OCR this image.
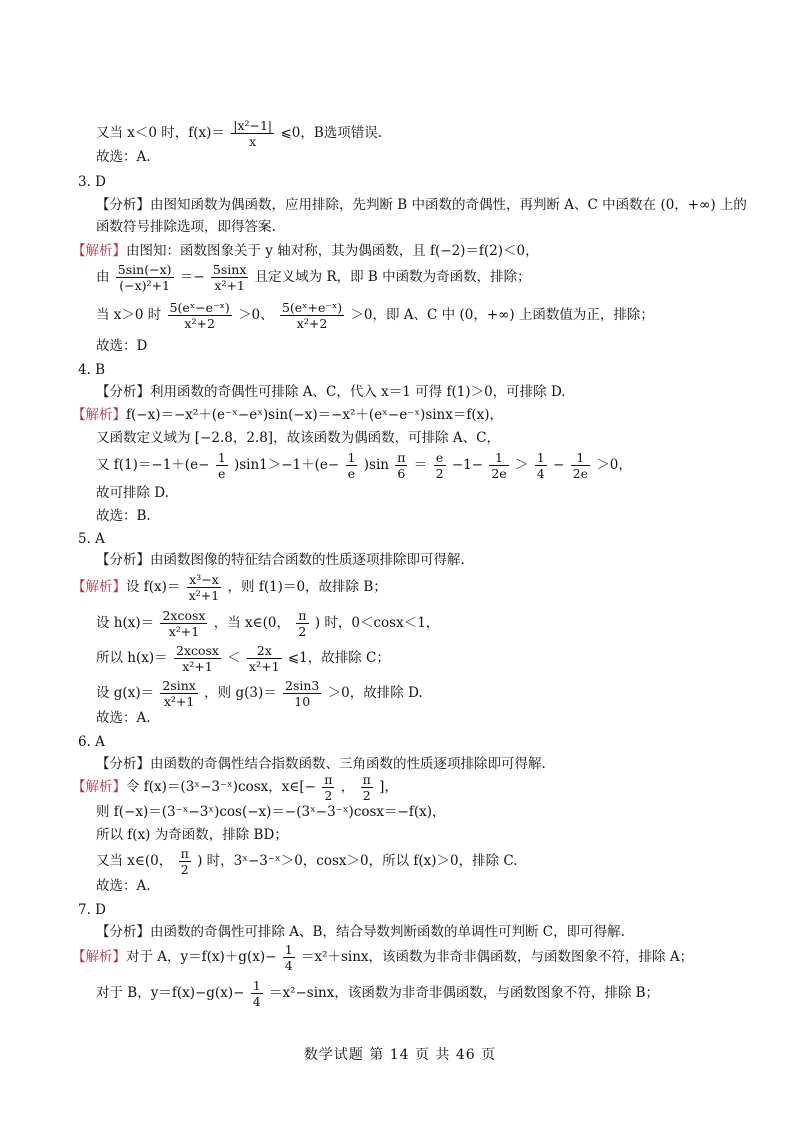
又当 x＜0 时，$f(x)= \frac{\text{|x²−1|}}{x}$ ⩽0，B选项错误.
故选：A.
3. D
【分析】由图知函数为偶函数，应用排除，先判断 B 中函数的奇偶性，再判断 A、C 中函数在 (0，+∞) 上的
函数符号排除选项，即得答案.
【解析】由图知：函数图象关于 y 轴对称，其为偶函数，且 f(−2)＝f(2)＜0，
由 $\frac{5\sin(-x)}{\text{(−x)²+1}} =- \frac{5\sin x}{\text{x²+1}}$ 且定义域为 R，即 B 中函数为奇函数，排除；
当 x＞0 时 $\frac{\text{5(eˣ−e⁻ˣ)}}{\text{x²+2}} >0$、 $\frac{\text{5(eˣ+e⁻ˣ)}}{\text{x²+2}} >0$，即 A、C 中 (0，+∞) 上函数值为正，排除；
故选：D
4. B
【分析】利用函数的奇偶性可排除 A、C，代入 x＝1 可得 f(1)＞0，可排除 D.
【解析】f(−x)＝−x²＋(e⁻ˣ−eˣ)sin(−x)＝−x²＋(eˣ−e⁻ˣ)sinx＝f(x)，
又函数定义域为 [−2.8，2.8]，故该函数为偶函数，可排除 A、C，
又 $f(1)=-1+(e- \frac{1}{e} )\sin 1>-1+(e- \frac{1}{e} )\sin \frac{\pi}{6} = \frac{e}{2} -1- \frac{1}{2e} > \frac{1}{4} - \frac{1}{2e} >0$，
故可排除 D.
故选：B.
5. A
【分析】由函数图像的特征结合函数的性质逐项排除即可得解.
【解析】设 $f(x)= \frac{\text{x³−x}}{\text{x²+1}}$ ，则 f(1)＝0，故排除 B；
设 $h(x)= \frac{2xcosx}{\text{x²+1}}$ ，当 x∈(0， $\frac{\pi}{2}$ ) 时，0＜cosx＜1，
所以 $h(x)= \frac{2xcosx}{\text{x²+1}} < \frac{2x}{\text{x²+1}}$ ⩽1，故排除 C；
设 $g(x)= \frac{2\sin x}{\text{x²+1}}$ ，则 $g(3)= \frac{2\sin 3}{10} >0$，故排除 D.
故选：A.
6. A
【分析】由函数的奇偶性结合指数函数、三角函数的性质逐项排除即可得解.
【解析】令 f(x)＝(3ˣ−3⁻ˣ)cosx，x∈[− $\frac{\pi}{2}$ ， $\frac{\pi}{2}$ ]，
则 f(−x)＝(3⁻ˣ−3ˣ)cos(−x)＝−(3ˣ−3⁻ˣ)cosx＝−f(x)，
所以 f(x) 为奇函数，排除 BD；
又当 x∈(0， $\frac{\pi}{2}$ ) 时，3ˣ−3⁻ˣ＞0，cosx＞0，所以 f(x)＞0，排除 C.
故选：A.
7. D
【分析】由函数的奇偶性可排除 A、B，结合导数判断函数的单调性可判断 C，即可得解.
【解析】对于 A，$y=f(x)+g(x)- \frac{1}{4} =x^2+\sin x$，该函数为非奇非偶函数，与函数图象不符，排除 A；
对于 B，$y=f(x)-g(x)- \frac{1}{4} =x^2-\sin x$，该函数为非奇非偶函数，与函数图象不符，排除 B；
数学试题 第 14 页 共 46 页
